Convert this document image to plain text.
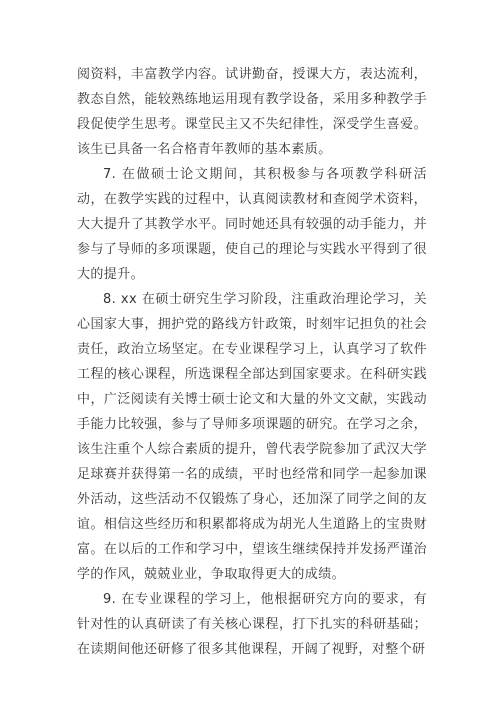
阅资料，丰富教学内容。试讲勤奋，授课大方，表达流利，教态自然，能较熟练地运用现有教学设备，采用多种教学手段促使学生思考。课堂民主又不失纪律性，深受学生喜爱。该生已具备一名合格青年教师的基本素质。

7. 在做硕士论文期间，其积极参与各项教学科研活动，在教学实践的过程中，认真阅读教材和查阅学术资料，大大提升了其教学水平。同时她还具有较强的动手能力，并参与了导师的多项课题，使自己的理论与实践水平得到了很大的提升。

8. xx 在硕士研究生学习阶段，注重政治理论学习，关心国家大事，拥护党的路线方针政策，时刻牢记担负的社会责任，政治立场坚定。在专业课程学习上，认真学习了软件工程的核心课程，所选课程全部达到国家要求。在科研实践中，广泛阅读有关博士硕士论文和大量的外文文献，实践动手能力比较强，参与了导师多项课题的研究。在学习之余，该生注重个人综合素质的提升，曾代表学院参加了武汉大学足球赛并获得第一名的成绩，平时也经常和同学一起参加课外活动，这些活动不仅锻炼了身心，还加深了同学之间的友谊。相信这些经历和积累都将成为胡光人生道路上的宝贵财富。在以后的工作和学习中，望该生继续保持并发扬严谨治学的作风，兢兢业业，争取取得更大的成绩。

9. 在专业课程的学习上，他根据研究方向的要求，有针对性的认真研读了有关核心课程，打下扎实的科研基础；在读期间他还研修了很多其他课程，开阔了视野，对整个研
